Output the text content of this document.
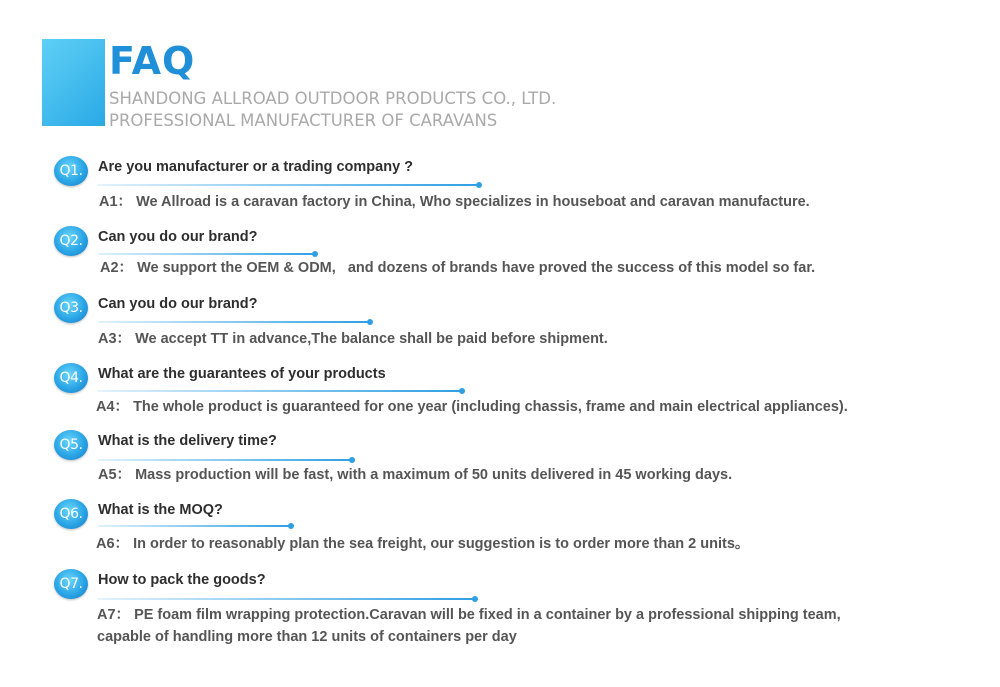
FAQ
SHANDONG ALLROAD OUTDOOR PRODUCTS CO., LTD.
PROFESSIONAL MANUFACTURER OF CARAVANS
Q1.	Are you manufacturer or a trading company ?
A1： We Allroad is a caravan factory in China, Who specializes in houseboat and caravan manufacture.
Q2.	Can you do our brand?
A2： We support the OEM & ODM,   and dozens of brands have proved the success of this model so far.
Q3.	Can you do our brand?
A3： We accept TT in advance,The balance shall be paid before shipment.
Q4.	What are the guarantees of your products
A4： The whole product is guaranteed for one year (including chassis, frame and main electrical appliances).
Q5.	What is the delivery time?
A5： Mass production will be fast, with a maximum of 50 units delivered in 45 working days.
Q6.	What is the MOQ?
A6： In order to reasonably plan the sea freight, our suggestion is to order more than 2 units。
Q7.	How to pack the goods?
A7： PE foam film wrapping protection.Caravan will be fixed in a container by a professional shipping team,
capable of handling more than 12 units of containers per day
